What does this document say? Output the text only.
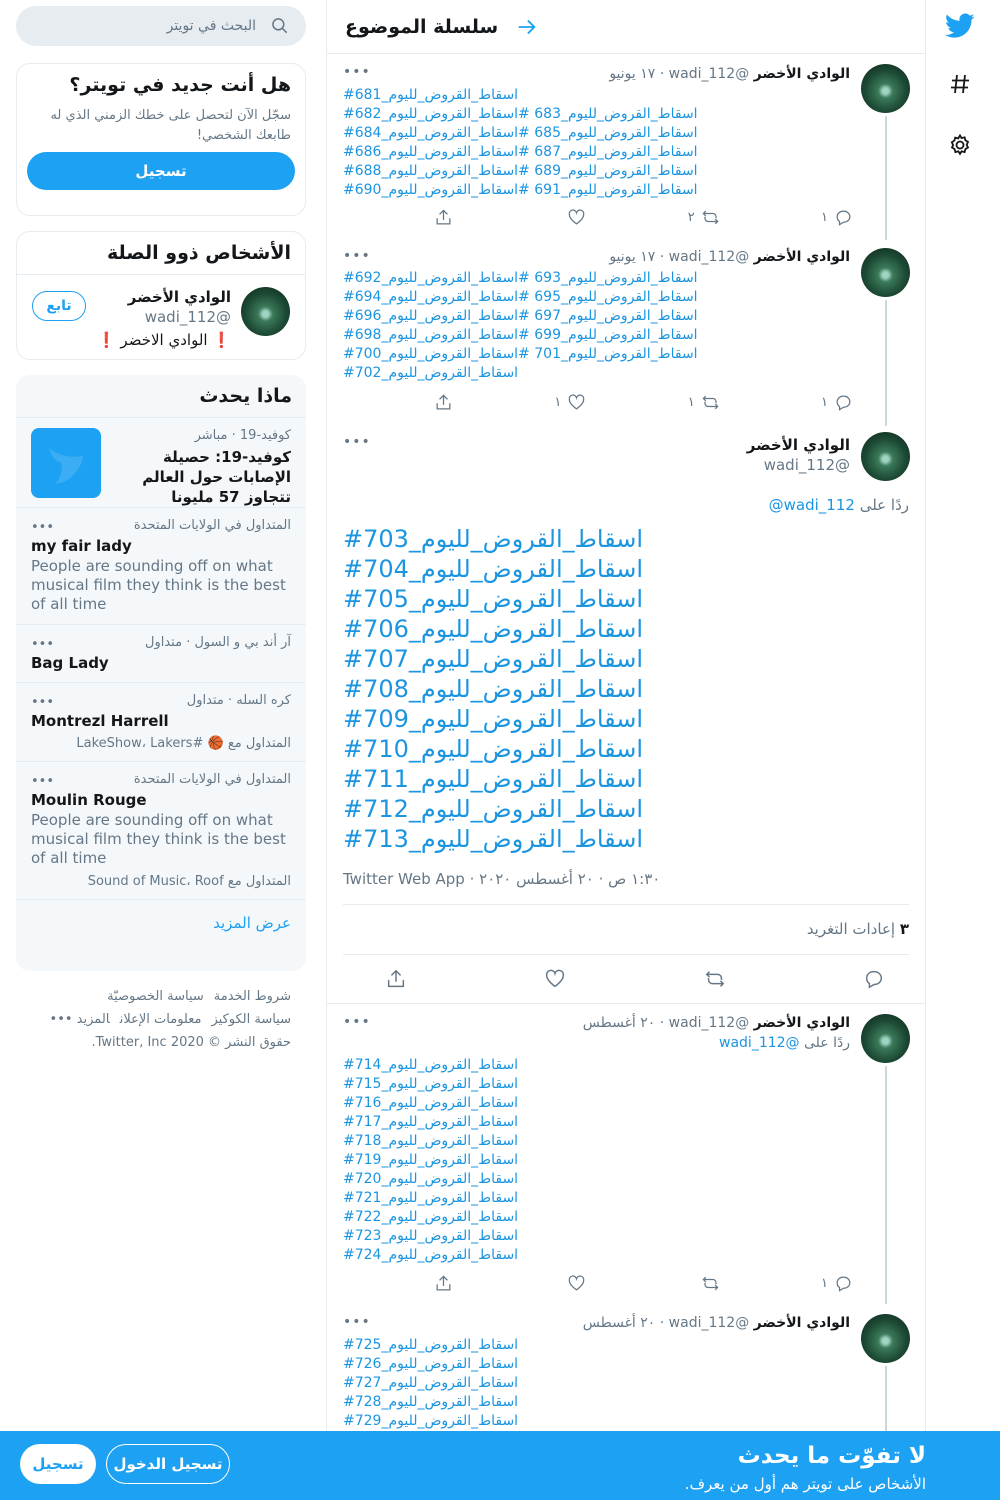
سلسلة الموضوع
الوادي الأخضر @wadi_112 · ١٧ يونيو
•••
#اسقاط_القروض_لليوم_681
#اسقاط_القروض_لليوم_683 #اسقاط_القروض_لليوم_682
#اسقاط_القروض_لليوم_685 #اسقاط_القروض_لليوم_684
#اسقاط_القروض_لليوم_687 #اسقاط_القروض_لليوم_686
#اسقاط_القروض_لليوم_689 #اسقاط_القروض_لليوم_688
#اسقاط_القروض_لليوم_691 #اسقاط_القروض_لليوم_690
١
٢
الوادي الأخضر @wadi_112 · ١٧ يونيو
•••
#اسقاط_القروض_لليوم_693 #اسقاط_القروض_لليوم_692
#اسقاط_القروض_لليوم_695 #اسقاط_القروض_لليوم_694
#اسقاط_القروض_لليوم_697 #اسقاط_القروض_لليوم_696
#اسقاط_القروض_لليوم_699 #اسقاط_القروض_لليوم_698
#اسقاط_القروض_لليوم_701 #اسقاط_القروض_لليوم_700
#اسقاط_القروض_لليوم_702
١
١
١
الوادي الأخضر
@wadi_112
•••
ردًا على @wadi_112
#اسقاط_القروض_لليوم_703
#اسقاط_القروض_لليوم_704
#اسقاط_القروض_لليوم_705
#اسقاط_القروض_لليوم_706
#اسقاط_القروض_لليوم_707
#اسقاط_القروض_لليوم_708
#اسقاط_القروض_لليوم_709
#اسقاط_القروض_لليوم_710
#اسقاط_القروض_لليوم_711
#اسقاط_القروض_لليوم_712
#اسقاط_القروض_لليوم_713
١:٣٠ ص · ٢٠ أغسطس ٢٠٢٠ · Twitter Web App
٣ إعادات التغريد
الوادي الأخضر @wadi_112 · ٢٠ أغسطس
ردًا على @wadi_112
•••
#اسقاط_القروض_لليوم_714
#اسقاط_القروض_لليوم_715
#اسقاط_القروض_لليوم_716
#اسقاط_القروض_لليوم_717
#اسقاط_القروض_لليوم_718
#اسقاط_القروض_لليوم_719
#اسقاط_القروض_لليوم_720
#اسقاط_القروض_لليوم_721
#اسقاط_القروض_لليوم_722
#اسقاط_القروض_لليوم_723
#اسقاط_القروض_لليوم_724
١
الوادي الأخضر @wadi_112 · ٢٠ أغسطس
•••
#اسقاط_القروض_لليوم_725
#اسقاط_القروض_لليوم_726
#اسقاط_القروض_لليوم_727
#اسقاط_القروض_لليوم_728
#اسقاط_القروض_لليوم_729
البحث في تويتر
هل أنت جديد في تويتر؟

سجّل الآن لتحصل على خطك الزمني الذي له طابعك الشخصي!

تسجيل
الأشخاص ذوو الصلة
الوادي الأخضر
@wadi_112
❗ الوادي الاخضر ❗
تابع
ماذا يحدث
كوفيد-19 · مباشر
كوفيد-19: حصيلة الإصابات حول العالم تتجاوز 57 مليونا
•••	المتداول في الولايات المتحدة
my fair lady
People are sounding off on what musical film they think is the best of all time
•••	آر أند بي و السول · متداول
Bag Lady
•••	كره السله · متداول
Montrezl Harrell
المتداول مع 🏀 #LakeShow، Lakers
•••	المتداول في الولايات المتحدة
Moulin Rouge
People are sounding off on what musical film they think is the best of all time
المتداول مع Sound of Music، Roof
عرض المزيد
شروط الخدمةسياسة الخصوصيّة
سياسة الكوكيزمعلومات الإعلانالمزيد •••
حقوق النشر © 2020 Twitter, Inc.
لا تفوّت ما يحدث
الأشخاص على تويتر هم أول من يعرف.
تسجيل الدخول
تسجيل
